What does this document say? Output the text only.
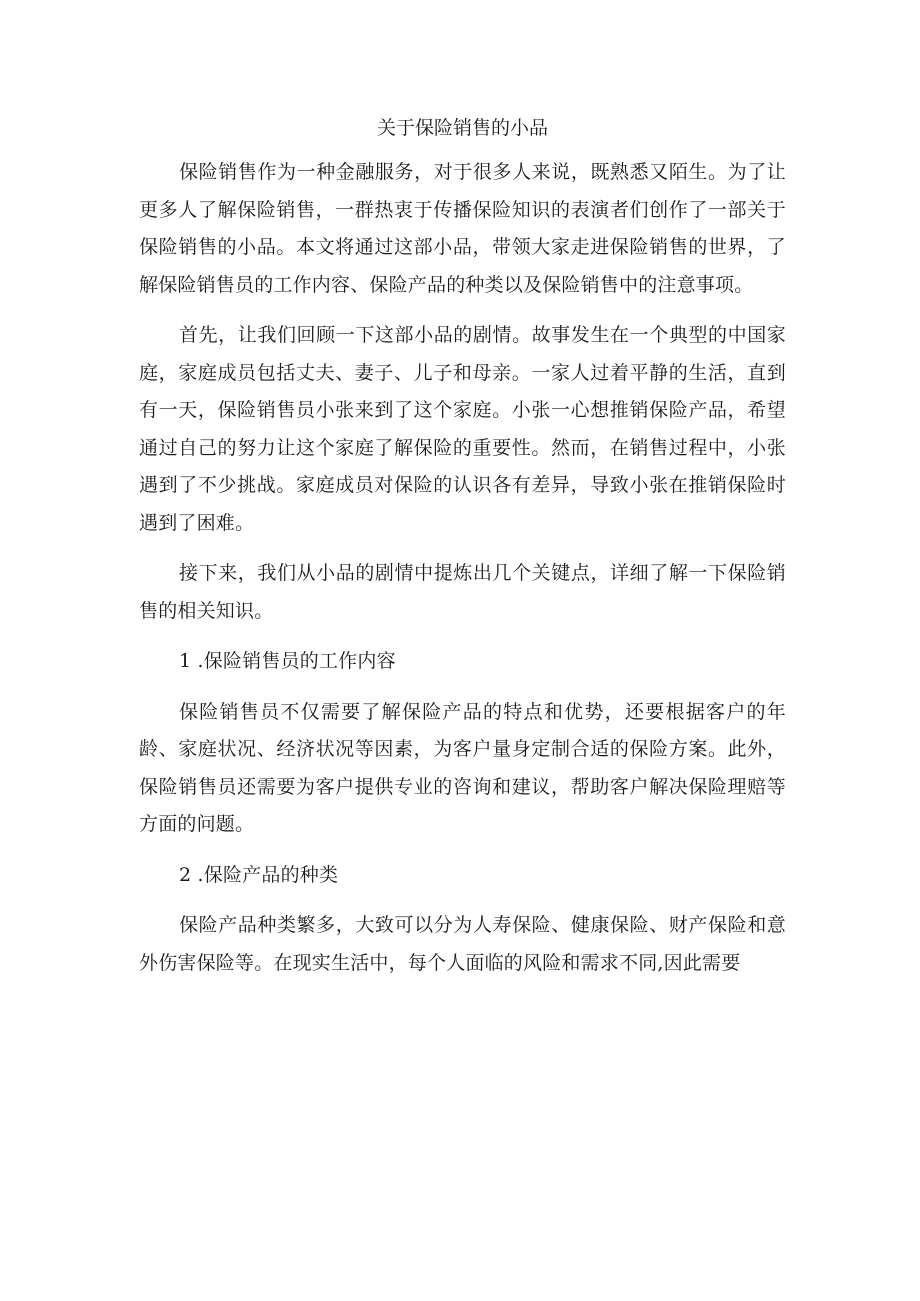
关于保险销售的小品

保险销售作为一种金融服务，对于很多人来说，既熟悉又陌生。为了让更多人了解保险销售，一群热衷于传播保险知识的表演者们创作了一部关于保险销售的小品。本文将通过这部小品，带领大家走进保险销售的世界，了解保险销售员的工作内容、保险产品的种类以及保险销售中的注意事项。

首先，让我们回顾一下这部小品的剧情。故事发生在一个典型的中国家庭，家庭成员包括丈夫、妻子、儿子和母亲。一家人过着平静的生活，直到有一天，保险销售员小张来到了这个家庭。小张一心想推销保险产品，希望通过自己的努力让这个家庭了解保险的重要性。然而，在销售过程中，小张遇到了不少挑战。家庭成员对保险的认识各有差异，导致小张在推销保险时遇到了困难。

接下来，我们从小品的剧情中提炼出几个关键点，详细了解一下保险销售的相关知识。

1 .保险销售员的工作内容

保险销售员不仅需要了解保险产品的特点和优势，还要根据客户的年龄、家庭状况、经济状况等因素，为客户量身定制合适的保险方案。此外，保险销售员还需要为客户提供专业的咨询和建议，帮助客户解决保险理赔等方面的问题。

2 .保险产品的种类

保险产品种类繁多，大致可以分为人寿保险、健康保险、财产保险和意外伤害保险等。在现实生活中，每个人面临的风险和需求不同,因此需要
